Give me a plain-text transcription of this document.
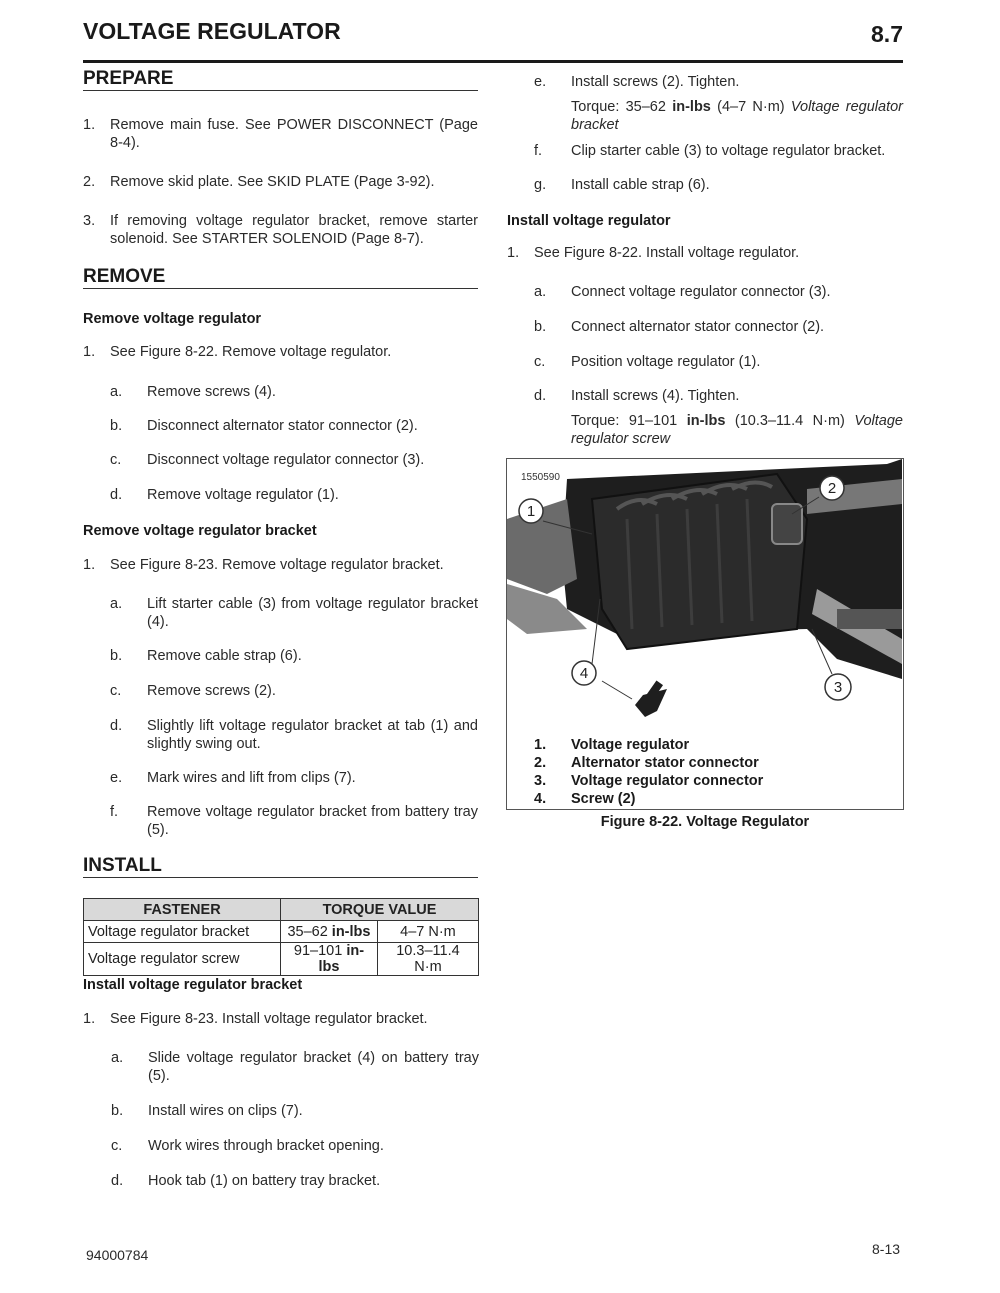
VOLTAGE REGULATOR	8.7
PREPARE
1. Remove main fuse. See POWER DISCONNECT (Page 8-4).
2. Remove skid plate. See SKID PLATE (Page 3-92).
3. If removing voltage regulator bracket, remove starter solenoid. See STARTER SOLENOID (Page 8-7).
REMOVE
Remove voltage regulator
1. See Figure 8-22. Remove voltage regulator.
a. Remove screws (4).
b. Disconnect alternator stator connector (2).
c. Disconnect voltage regulator connector (3).
d. Remove voltage regulator (1).
Remove voltage regulator bracket
1. See Figure 8-23. Remove voltage regulator bracket.
a. Lift starter cable (3) from voltage regulator bracket (4).
b. Remove cable strap (6).
c. Remove screws (2).
d. Slightly lift voltage regulator bracket at tab (1) and slightly swing out.
e. Mark wires and lift from clips (7).
f. Remove voltage regulator bracket from battery tray (5).
INSTALL
FASTENER	TORQUE VALUE	
Voltage regulator bracket	35–62 in-lbs	4–7 N·m
Voltage regulator screw	91–101 in-lbs	10.3–11.4 N·m
Install voltage regulator bracket
1. See Figure 8-23. Install voltage regulator bracket.
a. Slide voltage regulator bracket (4) on battery tray (5).
b. Install wires on clips (7).
c. Work wires through bracket opening.
d. Hook tab (1) on battery tray bracket.
e. Install screws (2). Tighten.
Torque: 35–62 in-lbs (4–7 N·m) Voltage regulator bracket
f. Clip starter cable (3) to voltage regulator bracket.
g. Install cable strap (6).
Install voltage regulator
1. See Figure 8-22. Install voltage regulator.
a. Connect voltage regulator connector (3).
b. Connect alternator stator connector (2).
c. Position voltage regulator (1).
d. Install screws (4). Tighten.
Torque: 91–101 in-lbs (10.3–11.4 N·m) Voltage regulator screw
1550590
1
2
3
4
1. Voltage regulator
2. Alternator stator connector
3. Voltage regulator connector
4. Screw (2)
Figure 8-22. Voltage Regulator
94000784	8-13
